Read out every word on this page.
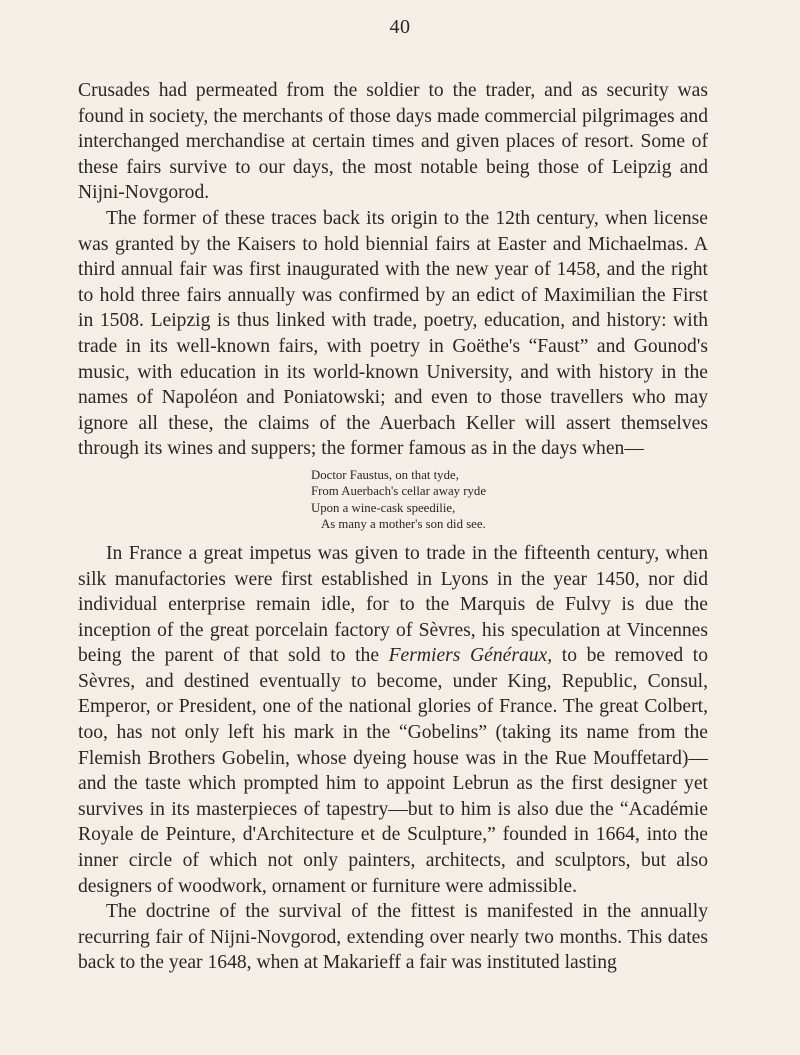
40

Crusades had permeated from the soldier to the trader, and as security was found in society, the merchants of those days made commercial pilgrimages and interchanged merchandise at certain times and given places of resort. Some of these fairs survive to our days, the most notable being those of Leipzig and Nijni-Novgorod.

The former of these traces back its origin to the 12th century, when license was granted by the Kaisers to hold biennial fairs at Easter and Michaelmas. A third annual fair was first inaugurated with the new year of 1458, and the right to hold three fairs annually was confirmed by an edict of Maximilian the First in 1508. Leipzig is thus linked with trade, poetry, education, and history: with trade in its well-known fairs, with poetry in Goëthe's “Faust” and Gounod's music, with education in its world-known University, and with history in the names of Napoléon and Poniatowski; and even to those travellers who may ignore all these, the claims of the Auerbach Keller will assert themselves through its wines and suppers; the former famous as in the days when—

Doctor Faustus, on that tyde,
From Auerbach's cellar away ryde
Upon a wine-cask speedilie,
As many a mother's son did see.

In France a great impetus was given to trade in the fifteenth century, when silk manufactories were first established in Lyons in the year 1450, nor did individual enterprise remain idle, for to the Marquis de Fulvy is due the inception of the great porcelain factory of Sèvres, his speculation at Vincennes being the parent of that sold to the Fermiers Généraux, to be removed to Sèvres, and destined eventually to become, under King, Republic, Consul, Emperor, or President, one of the national glories of France. The great Colbert, too, has not only left his mark in the “Gobelins” (taking its name from the Flemish Brothers Gobelin, whose dyeing house was in the Rue Mouffetard)—and the taste which prompted him to appoint Lebrun as the first designer yet survives in its masterpieces of tapestry—but to him is also due the “Académie Royale de Peinture, d'Architecture et de Sculpture,” founded in 1664, into the inner circle of which not only painters, architects, and sculptors, but also designers of woodwork, ornament or furniture were admissible.

The doctrine of the survival of the fittest is manifested in the annually recurring fair of Nijni-Novgorod, extending over nearly two months. This dates back to the year 1648, when at Makarieff a fair was instituted lasting
